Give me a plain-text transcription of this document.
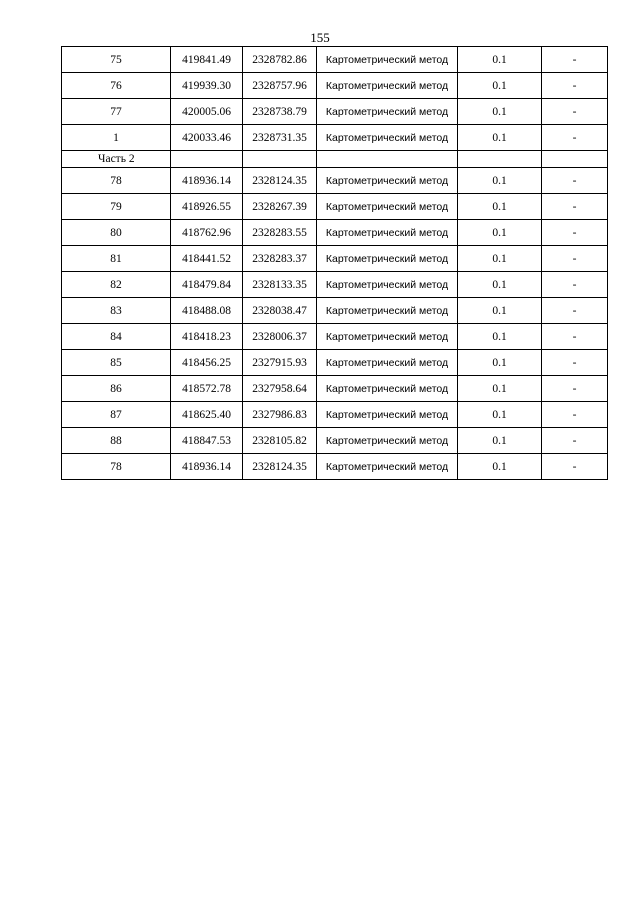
155
75	419841.49	2328782.86	Картометрический метод	0.1	-
76	419939.30	2328757.96	Картометрический метод	0.1	-
77	420005.06	2328738.79	Картометрический метод	0.1	-
1	420033.46	2328731.35	Картометрический метод	0.1	-
Часть 2					
78	418936.14	2328124.35	Картометрический метод	0.1	-
79	418926.55	2328267.39	Картометрический метод	0.1	-
80	418762.96	2328283.55	Картометрический метод	0.1	-
81	418441.52	2328283.37	Картометрический метод	0.1	-
82	418479.84	2328133.35	Картометрический метод	0.1	-
83	418488.08	2328038.47	Картометрический метод	0.1	-
84	418418.23	2328006.37	Картометрический метод	0.1	-
85	418456.25	2327915.93	Картометрический метод	0.1	-
86	418572.78	2327958.64	Картометрический метод	0.1	-
87	418625.40	2327986.83	Картометрический метод	0.1	-
88	418847.53	2328105.82	Картометрический метод	0.1	-
78	418936.14	2328124.35	Картометрический метод	0.1	-
